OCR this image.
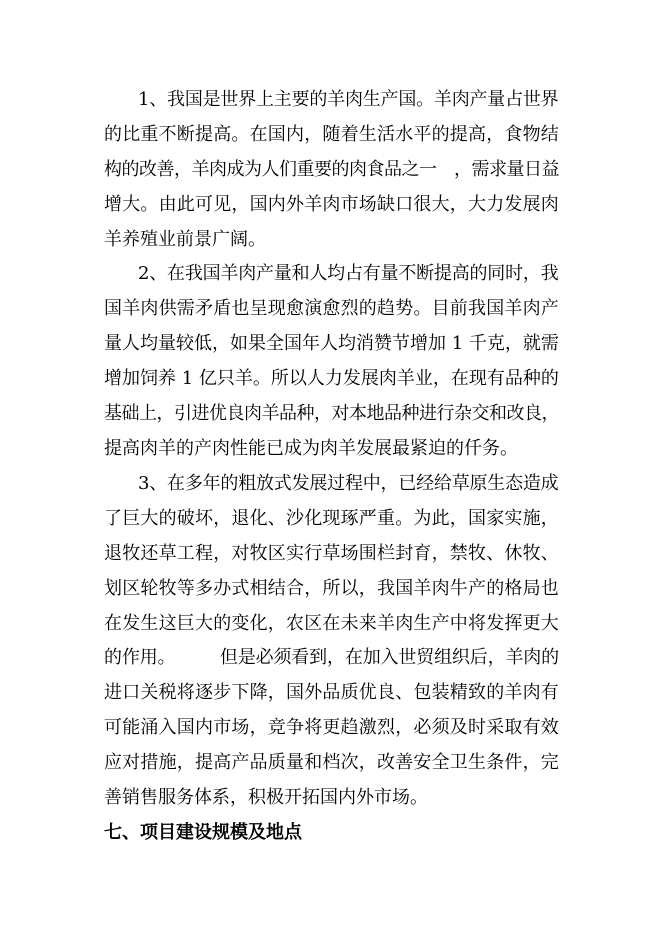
1、我国是世界上主要的羊肉生产国。羊肉产量占世界

的比重不断提高。在国内，随着生活水平的提高，食物结

构的改善，羊肉成为人们重要的肉食品之一　，需求量日益

增大。由此可见，国内外羊肉市场缺口很大，大力发展肉

羊养殖业前景广阔。

2、在我国羊肉产量和人均占有量不断提高的同时，我

国羊肉供需矛盾也呈现愈演愈烈的趋势。目前我国羊肉产

量人均量较低，如果全国年人均消赞节增加 1 千克，就需

增加饲养 1 亿只羊。所以人力发展肉羊业，在现有品种的

基础上，引进优良肉羊品种，对本地品种进行杂交和改良，

提高肉羊的产肉性能已成为肉羊发展最紧迫的仟务。

3、在多年的粗放式发展过程中，已经给草原生态造成

了巨大的破坏，退化、沙化现琢严重。为此，国家实施，

退牧还草工程，对牧区实行草场围栏封育，禁牧、休牧、

划区轮牧等多办式相结合，所以，我国羊肉牛产的格局也

在发生这巨大的变化，农区在未来羊肉生产中将发挥更大

的作用。　　　但是必须看到，在加入世贸组织后，羊肉的

进口关税将逐步下降，国外品质优良、包装精致的羊肉有

可能涌入国内市场，竞争将更趋激烈，必须及时采取有效

应对措施，提高产品质量和档次，改善安全卫生条件，完

善销售服务体系，积极开拓国内外市场。

七、项目建设规模及地点
